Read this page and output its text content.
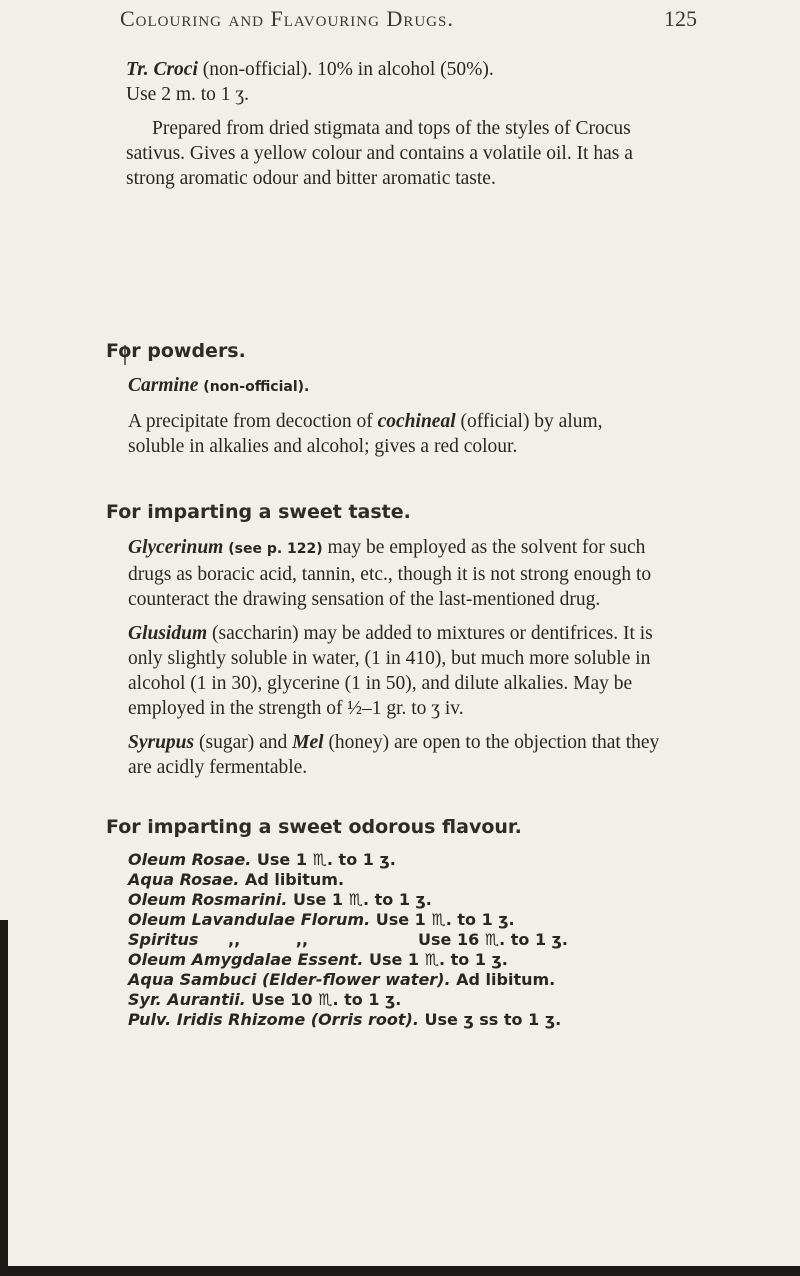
Colouring and Flavouring Drugs.	125

Tr. Croci (non-official). 10% in alcohol (50%).

Use 2 m. to 1 ʒ.

Prepared from dried stigmata and tops of the styles of Crocus sativus. Gives a yellow colour and contains a volatile oil. It has a strong aromatic odour and bitter aromatic taste.

For powders.

Carmine (non-official).

A precipitate from decoction of cochineal (official) by alum, soluble in alkalies and alcohol; gives a red colour.

For imparting a sweet taste.

Glycerinum (see p. 122) may be employed as the solvent for such drugs as boracic acid, tannin, etc., though it is not strong enough to counteract the drawing sensation of the last-mentioned drug.

Glusidum (saccharin) may be added to mixtures or dentifrices. It is only slightly soluble in water, (1 in 410), but much more soluble in alcohol (1 in 30), glycerine (1 in 50), and dilute alkalies. May be employed in the strength of ½–1 gr. to ʒ iv.

Syrupus (sugar) and Mel (honey) are open to the objection that they are acidly fermentable.

For imparting a sweet odorous flavour.

Oleum Rosae. Use 1 ♏. to 1 ʒ.

Aqua Rosae. Ad libitum.

Oleum Rosmarini. Use 1 ♏. to 1 ʒ.

Oleum Lavandulae Florum. Use 1 ♏. to 1 ʒ.

Spiritus ,,          ,,	Use 16 ♏. to 1 ʒ.

Oleum Amygdalae Essent. Use 1 ♏. to 1 ʒ.

Aqua Sambuci (Elder-flower water). Ad libitum.

Syr. Aurantii. Use 10 ♏. to 1 ʒ.

Pulv. Iridis Rhizome (Orris root). Use ʒ ss to 1 ʒ.
